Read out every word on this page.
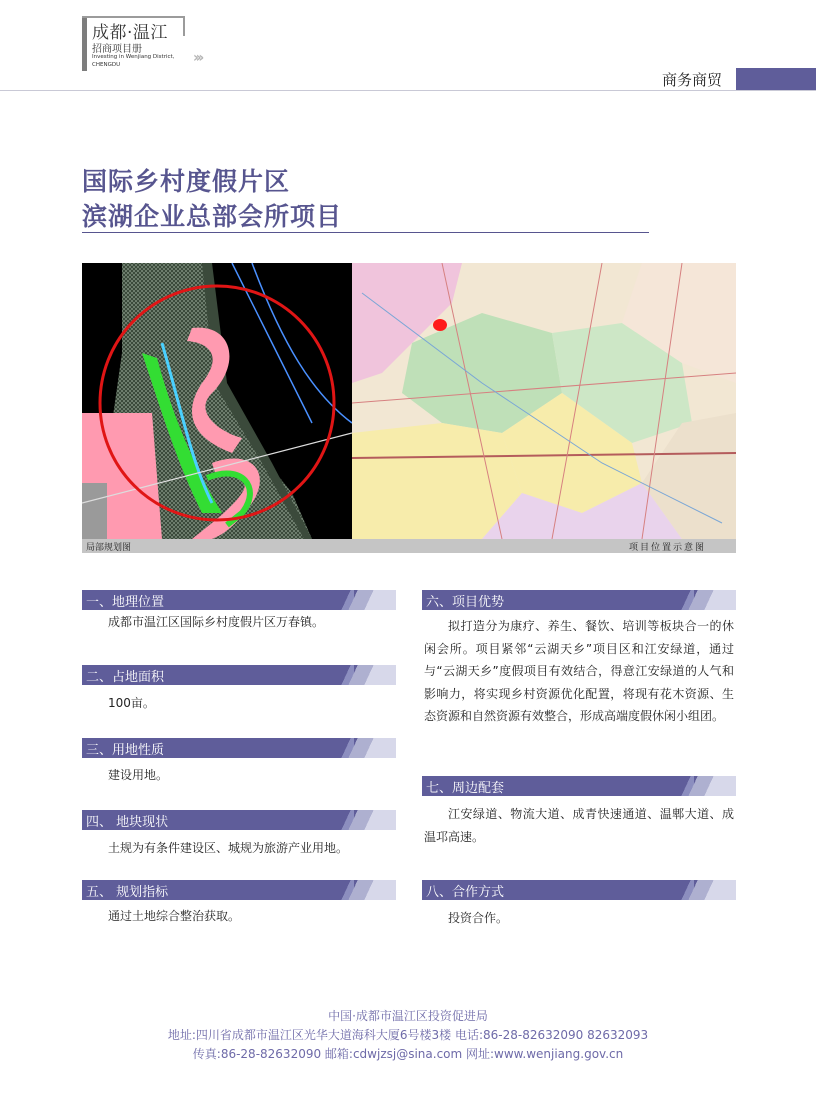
成都·温江
招商项目册
Investing in Wenjiang District,
CHENGDU	›››
商务商贸
国际乡村度假片区
滨湖企业总部会所项目
局部规划图	项目位置示意图
一、地理位置
成都市温江区国际乡村度假片区万春镇。
二、占地面积
100亩。
三、用地性质
建设用地。
四、 地块现状
土规为有条件建设区、城规为旅游产业用地。
五、 规划指标
通过土地综合整治获取。
六、项目优势
拟打造分为康疗、养生、餐饮、培训等板块合一的休闲会所。项目紧邻“云湖天乡”项目区和江安绿道，通过与“云湖天乡”度假项目有效结合，得意江安绿道的人气和影响力，将实现乡村资源优化配置，将现有花木资源、生态资源和自然资源有效整合，形成高端度假休闲小组团。
七、周边配套
江安绿道、物流大道、成青快速通道、温郫大道、成温邛高速。
八、合作方式
投资合作。
中国·成都市温江区投资促进局
地址:四川省成都市温江区光华大道海科大厦6号楼3楼 电话:86-28-82632090 82632093
传真:86-28-82632090 邮箱:cdwjzsj@sina.com 网址:www.wenjiang.gov.cn
